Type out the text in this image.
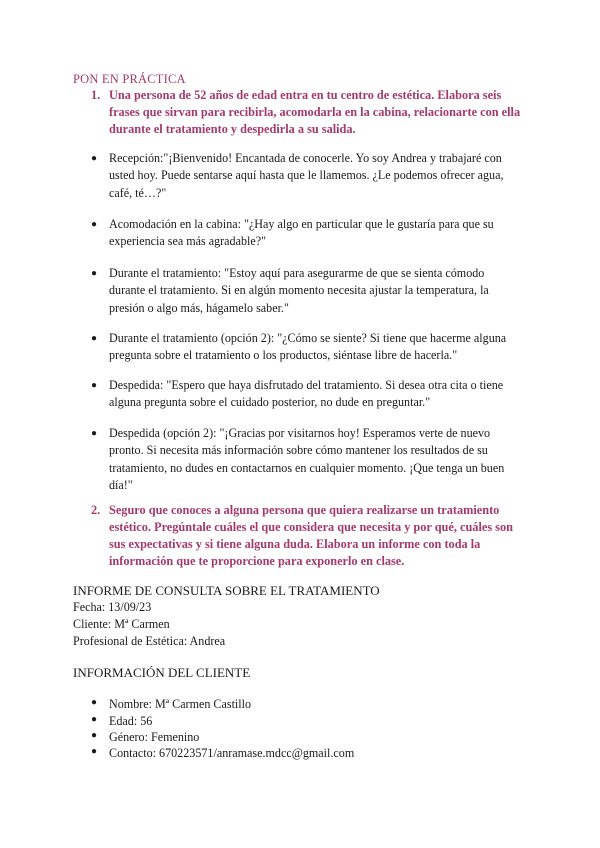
PON EN PRÁCTICA
1. Una persona de 52 años de edad entra en tu centro de estética. Elabora seis frases que sirvan para recibirla, acomodarla en la cabina, relacionarte con ella durante el tratamiento y despedirla a su salida.
● Recepción:"¡Bienvenido! Encantada de conocerle. Yo soy Andrea y trabajaré con usted hoy. Puede sentarse aquí hasta que le llamemos. ¿Le podemos ofrecer agua, café, té…?"
● Acomodación en la cabina: "¿Hay algo en particular que le gustaría para que su experiencia sea más agradable?"
● Durante el tratamiento: "Estoy aquí para asegurarme de que se sienta cómodo durante el tratamiento. Si en algún momento necesita ajustar la temperatura, la presión o algo más, hágamelo saber."
● Durante el tratamiento (opción 2): "¿Cómo se siente? Si tiene que hacerme alguna pregunta sobre el tratamiento o los productos, siéntase libre de hacerla."
● Despedida: "Espero que haya disfrutado del tratamiento. Si desea otra cita o tiene alguna pregunta sobre el cuidado posterior, no dude en preguntar."
● Despedida (opción 2): "¡Gracias por visitarnos hoy! Esperamos verte de nuevo pronto. Si necesita más información sobre cómo mantener los resultados de su tratamiento, no dudes en contactarnos en cualquier momento. ¡Que tenga un buen día!"
2. Seguro que conoces a alguna persona que quiera realizarse un tratamiento estético. Pregúntale cuáles el que considera que necesita y por qué, cuáles son sus expectativas y si tiene alguna duda. Elabora un informe con toda la información que te proporcione para exponerlo en clase.
INFORME DE CONSULTA SOBRE EL TRATAMIENTO
Fecha: 13/09/23
Cliente: Mª Carmen
Profesional de Estética: Andrea
INFORMACIÓN DEL CLIENTE
● Nombre: Mª Carmen Castillo
● Edad: 56
● Género: Femenino
● Contacto: 670223571/anramase.mdcc@gmail.com
